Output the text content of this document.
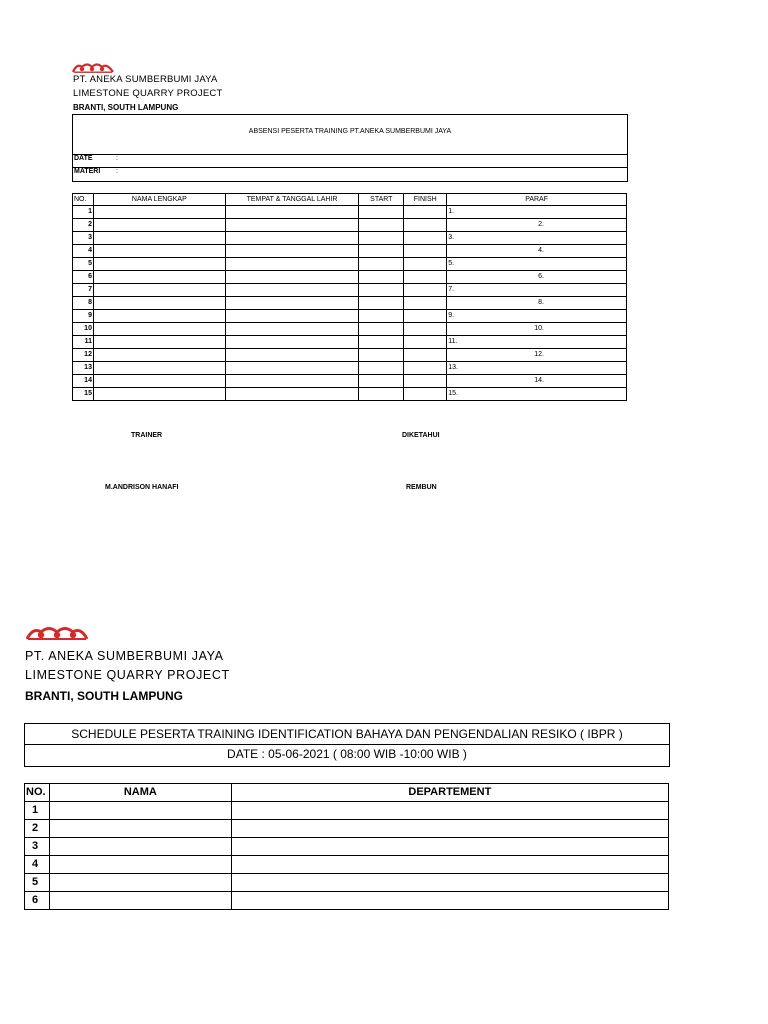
PT. ANEKA SUMBERBUMI JAYA
LIMESTONE QUARRY PROJECT
BRANTI, SOUTH LAMPUNG
ABSENSI PESERTA TRAINING PT.ANEKA SUMBERBUMI JAYA
DATE	:
MATERI :
NO.	NAMA LENGKAP	TEMPAT & TANGGAL LAHIR	START	FINISH	PARAF
1					1.
2					2.
3					3.
4					4.
5					5.
6					6.
7					7.
8					8.
9					9.
10					10.
11					11.
12					12.
13					13.
14					14.
15					15.
TRAINER	DIKETAHUI
M.ANDRISON HANAFI	REMBUN
PT. ANEKA SUMBERBUMI JAYA
LIMESTONE QUARRY PROJECT
BRANTI, SOUTH LAMPUNG
SCHEDULE PESERTA TRAINING IDENTIFICATION BAHAYA DAN PENGENDALIAN RESIKO ( IBPR )
DATE : 05-06-2021 ( 08:00 WIB -10:00 WIB )
NO.	NAMA	DEPARTEMENT
1		
2		
3		
4		
5		
6		
